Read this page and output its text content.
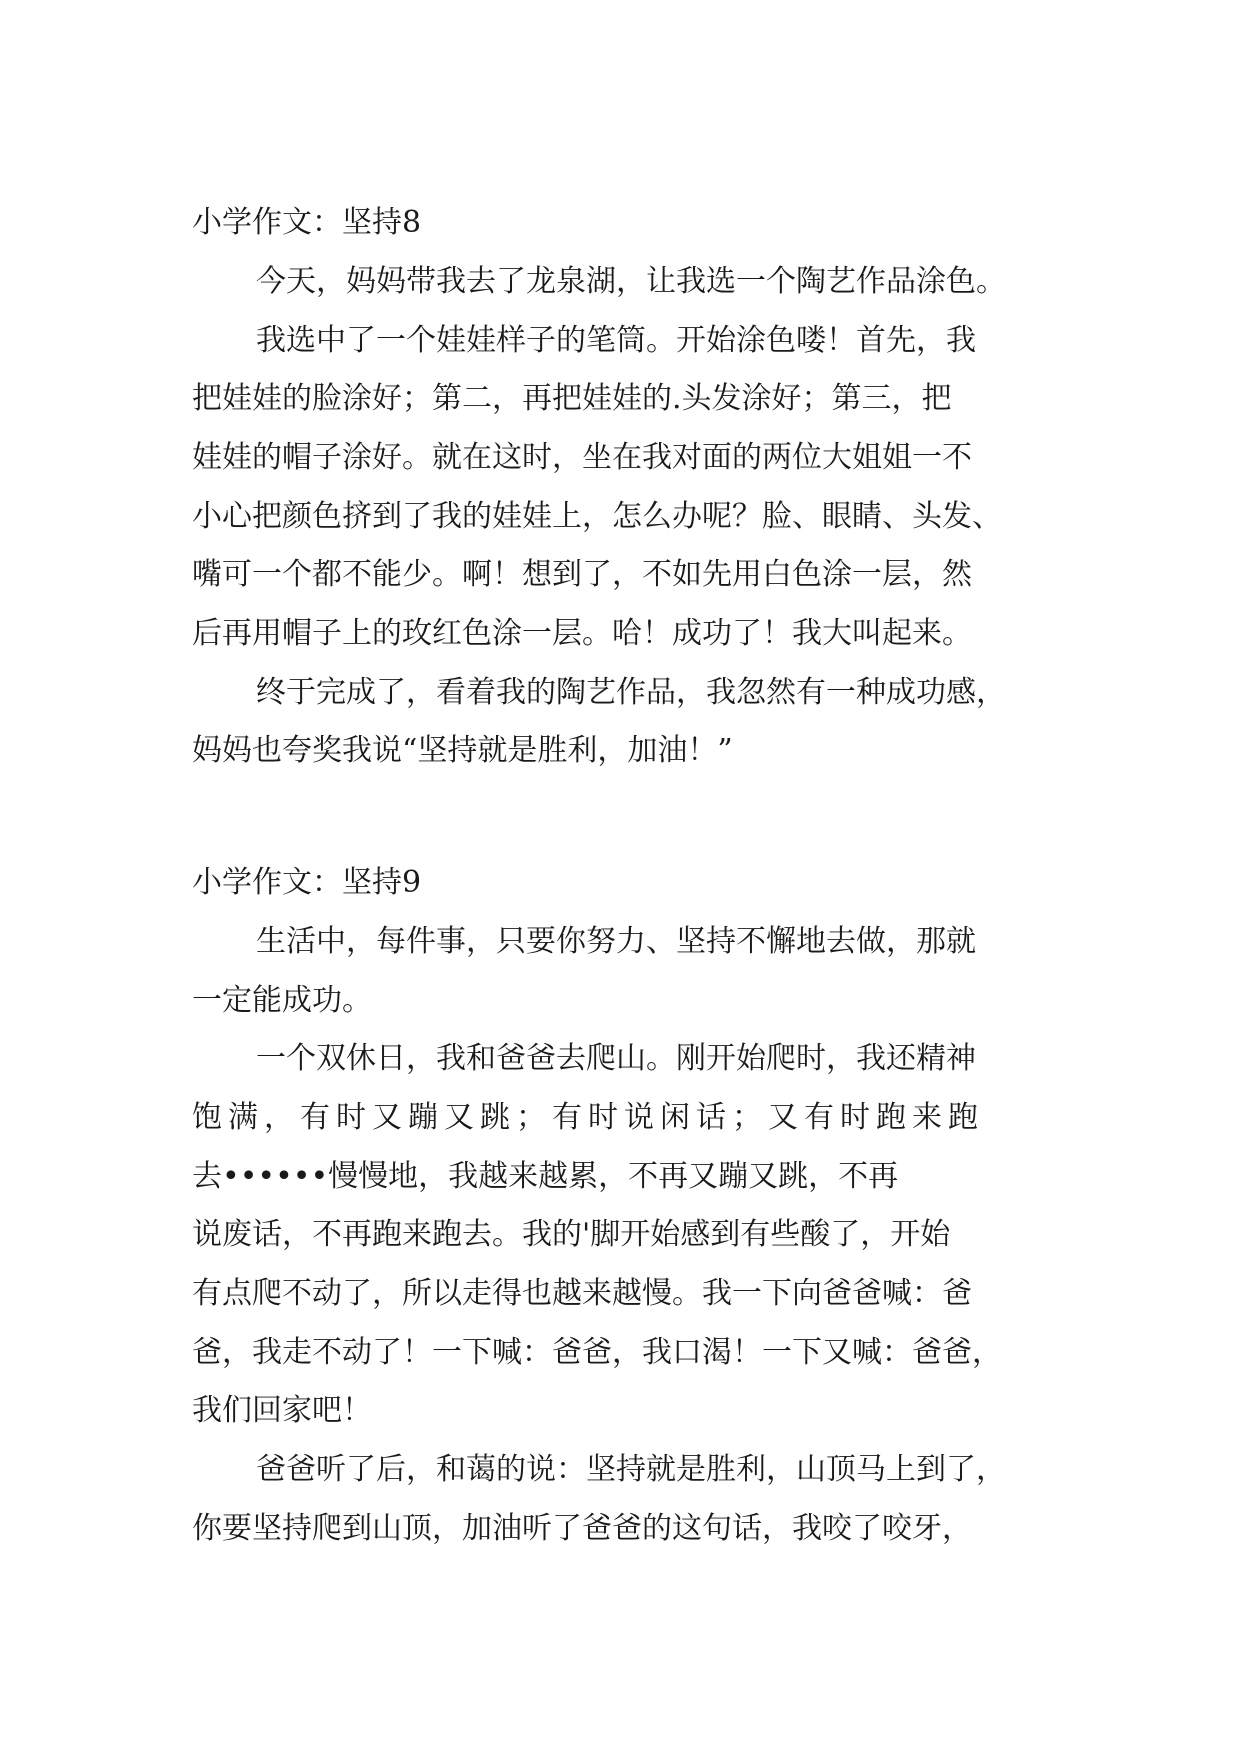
小学作文：坚持8
今天，妈妈带我去了龙泉湖，让我选一个陶艺作品涂色。
我选中了一个娃娃样子的笔筒。开始涂色喽！首先，我
把娃娃的脸涂好；第二，再把娃娃的.头发涂好；第三，把
娃娃的帽子涂好。就在这时，坐在我对面的两位大姐姐一不
小心把颜色挤到了我的娃娃上，怎么办呢？脸、眼睛、头发、
嘴可一个都不能少。啊！想到了，不如先用白色涂一层，然
后再用帽子上的玫红色涂一层。哈！成功了！我大叫起来。
终于完成了，看着我的陶艺作品，我忽然有一种成功感，
妈妈也夸奖我说“坚持就是胜利，加油！”
小学作文：坚持9
生活中，每件事，只要你努力、坚持不懈地去做，那就
一定能成功。
一个双休日，我和爸爸去爬山。刚开始爬时，我还精神
饱满，有时又蹦又跳；有时说闲话；又有时跑来跑
去••••••慢慢地，我越来越累，不再又蹦又跳，不再
说废话，不再跑来跑去。我的'脚开始感到有些酸了，开始
有点爬不动了，所以走得也越来越慢。我一下向爸爸喊：爸
爸，我走不动了！一下喊：爸爸，我口渴！一下又喊：爸爸，
我们回家吧！
爸爸听了后，和蔼的说：坚持就是胜利，山顶马上到了，
你要坚持爬到山顶，加油听了爸爸的这句话，我咬了咬牙，
